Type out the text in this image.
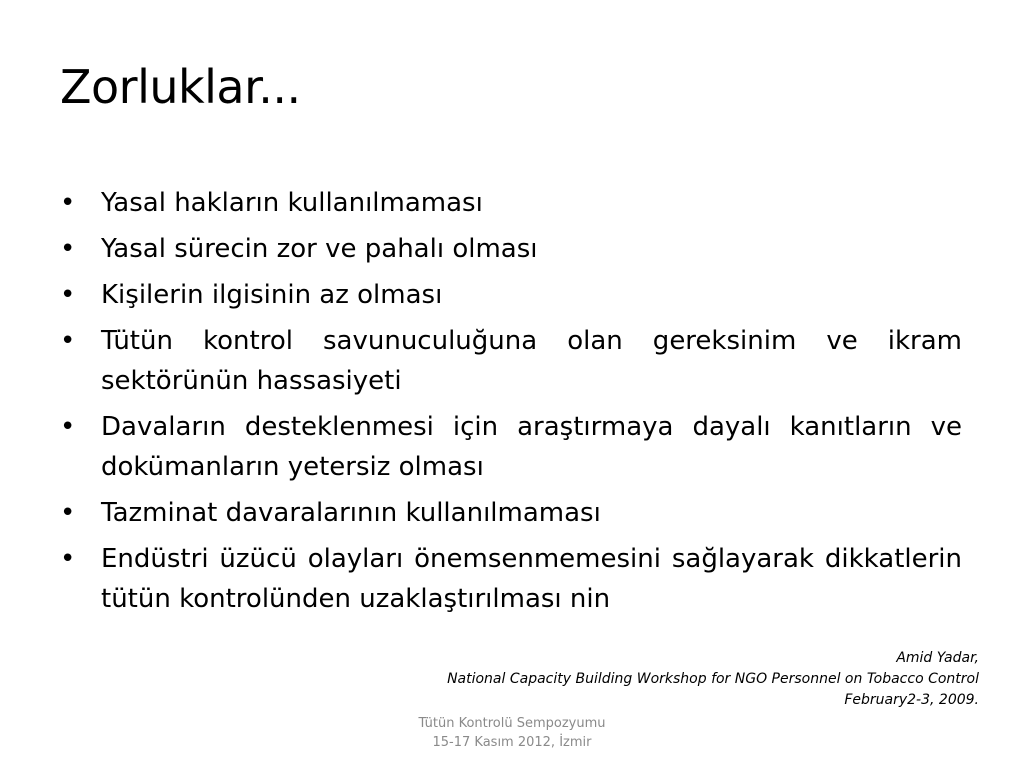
Zorluklar...
• Yasal hakların kullanılmaması
• Yasal sürecin zor ve pahalı olması
• Kişilerin ilgisinin az olması
• Tütün kontrol savunuculuğuna olan gereksinim ve ikram sektörünün hassasiyeti
• Davaların desteklenmesi için araştırmaya dayalı kanıtların ve dokümanların yetersiz olması
• Tazminat davaralarının kullanılmaması
• Endüstri üzücü olayları önemsenmemesini sağlayarak dikkatlerin tütün kontrolünden uzaklaştırılması nin
Amid Yadar,
National Capacity Building Workshop for NGO Personnel on Tobacco Control
February2-3, 2009.
Tütün Kontrolü Sempozyumu
15-17 Kasım 2012, İzmir
